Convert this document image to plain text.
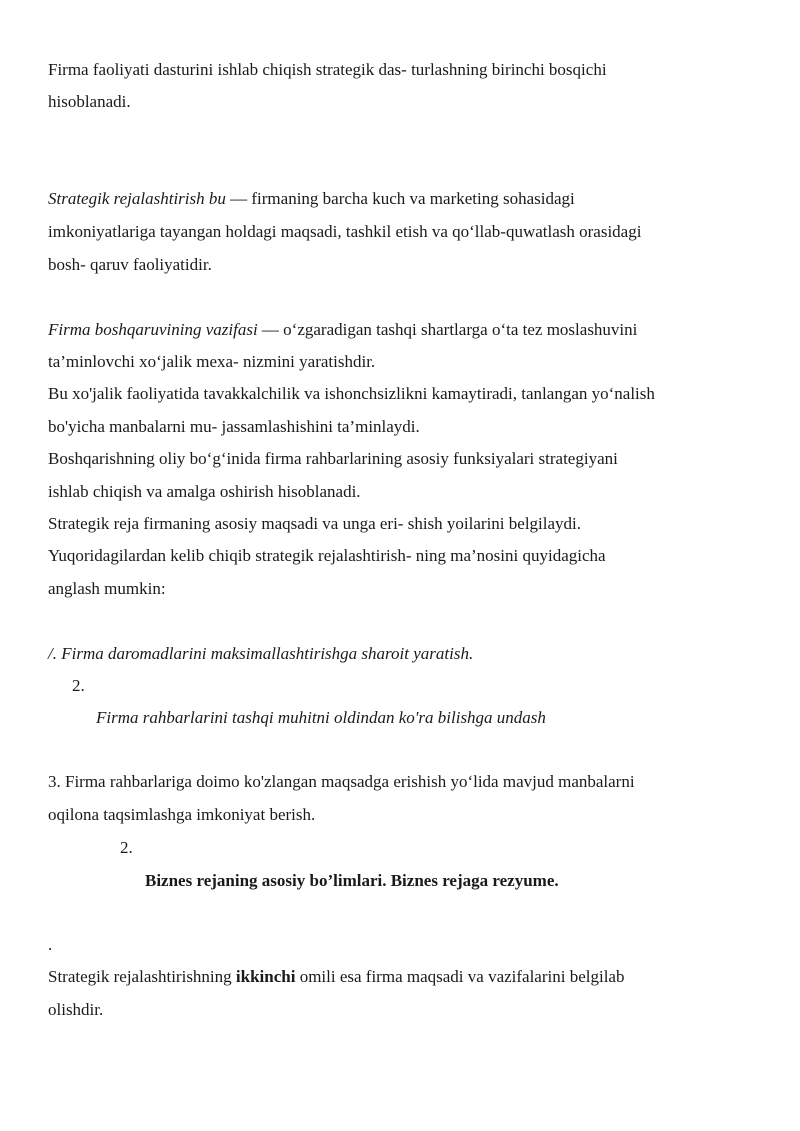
Firma faoliyati dasturini ishlab chiqish strategik das- turlashning birinchi bosqichi
hisoblanadi.
Strategik rejalashtirish bu — firmaning barcha kuch va marketing sohasidagi
imkoniyatlariga tayangan holdagi maqsadi, tashkil etish va qo‘llab-quwatlash orasidagi
bosh- qaruv faoliyatidir.
Firma boshqaruvining vazifasi — o‘zgaradigan tashqi shartlarga o‘ta tez moslashuvini
ta’minlovchi xo‘jalik mexa- nizmini yaratishdir.
Bu xo'jalik faoliyatida tavakkalchilik va ishonchsizlikni kamaytiradi, tanlangan yo‘nalish
bo'yicha manbalarni mu- jassamlashishini ta’minlaydi.
Boshqarishning oliy bo‘g‘inida firma rahbarlarining asosiy funksiyalari strategiyani
ishlab chiqish va amalga oshirish hisoblanadi.
Strategik reja firmaning asosiy maqsadi va unga eri- shish yoilarini belgilaydi.
Yuqoridagilardan kelib chiqib strategik rejalashtirish- ning ma’nosini quyidagicha
anglash mumkin:
/. Firma daromadlarini maksimallashtirishga sharoit yaratish.
2.
Firma rahbarlarini tashqi muhitni oldindan ko'ra bilishga undash
3. Firma rahbarlariga doimo ko'zlangan maqsadga erishish yo‘lida mavjud manbalarni
oqilona taqsimlashga imkoniyat berish.
2.
Biznes rejaning asosiy bo’limlari. Biznes rejaga rezyume.
.
Strategik rejalashtirishning ikkinchi omili esa firma maqsadi va vazifalarini belgilab
olishdir.
